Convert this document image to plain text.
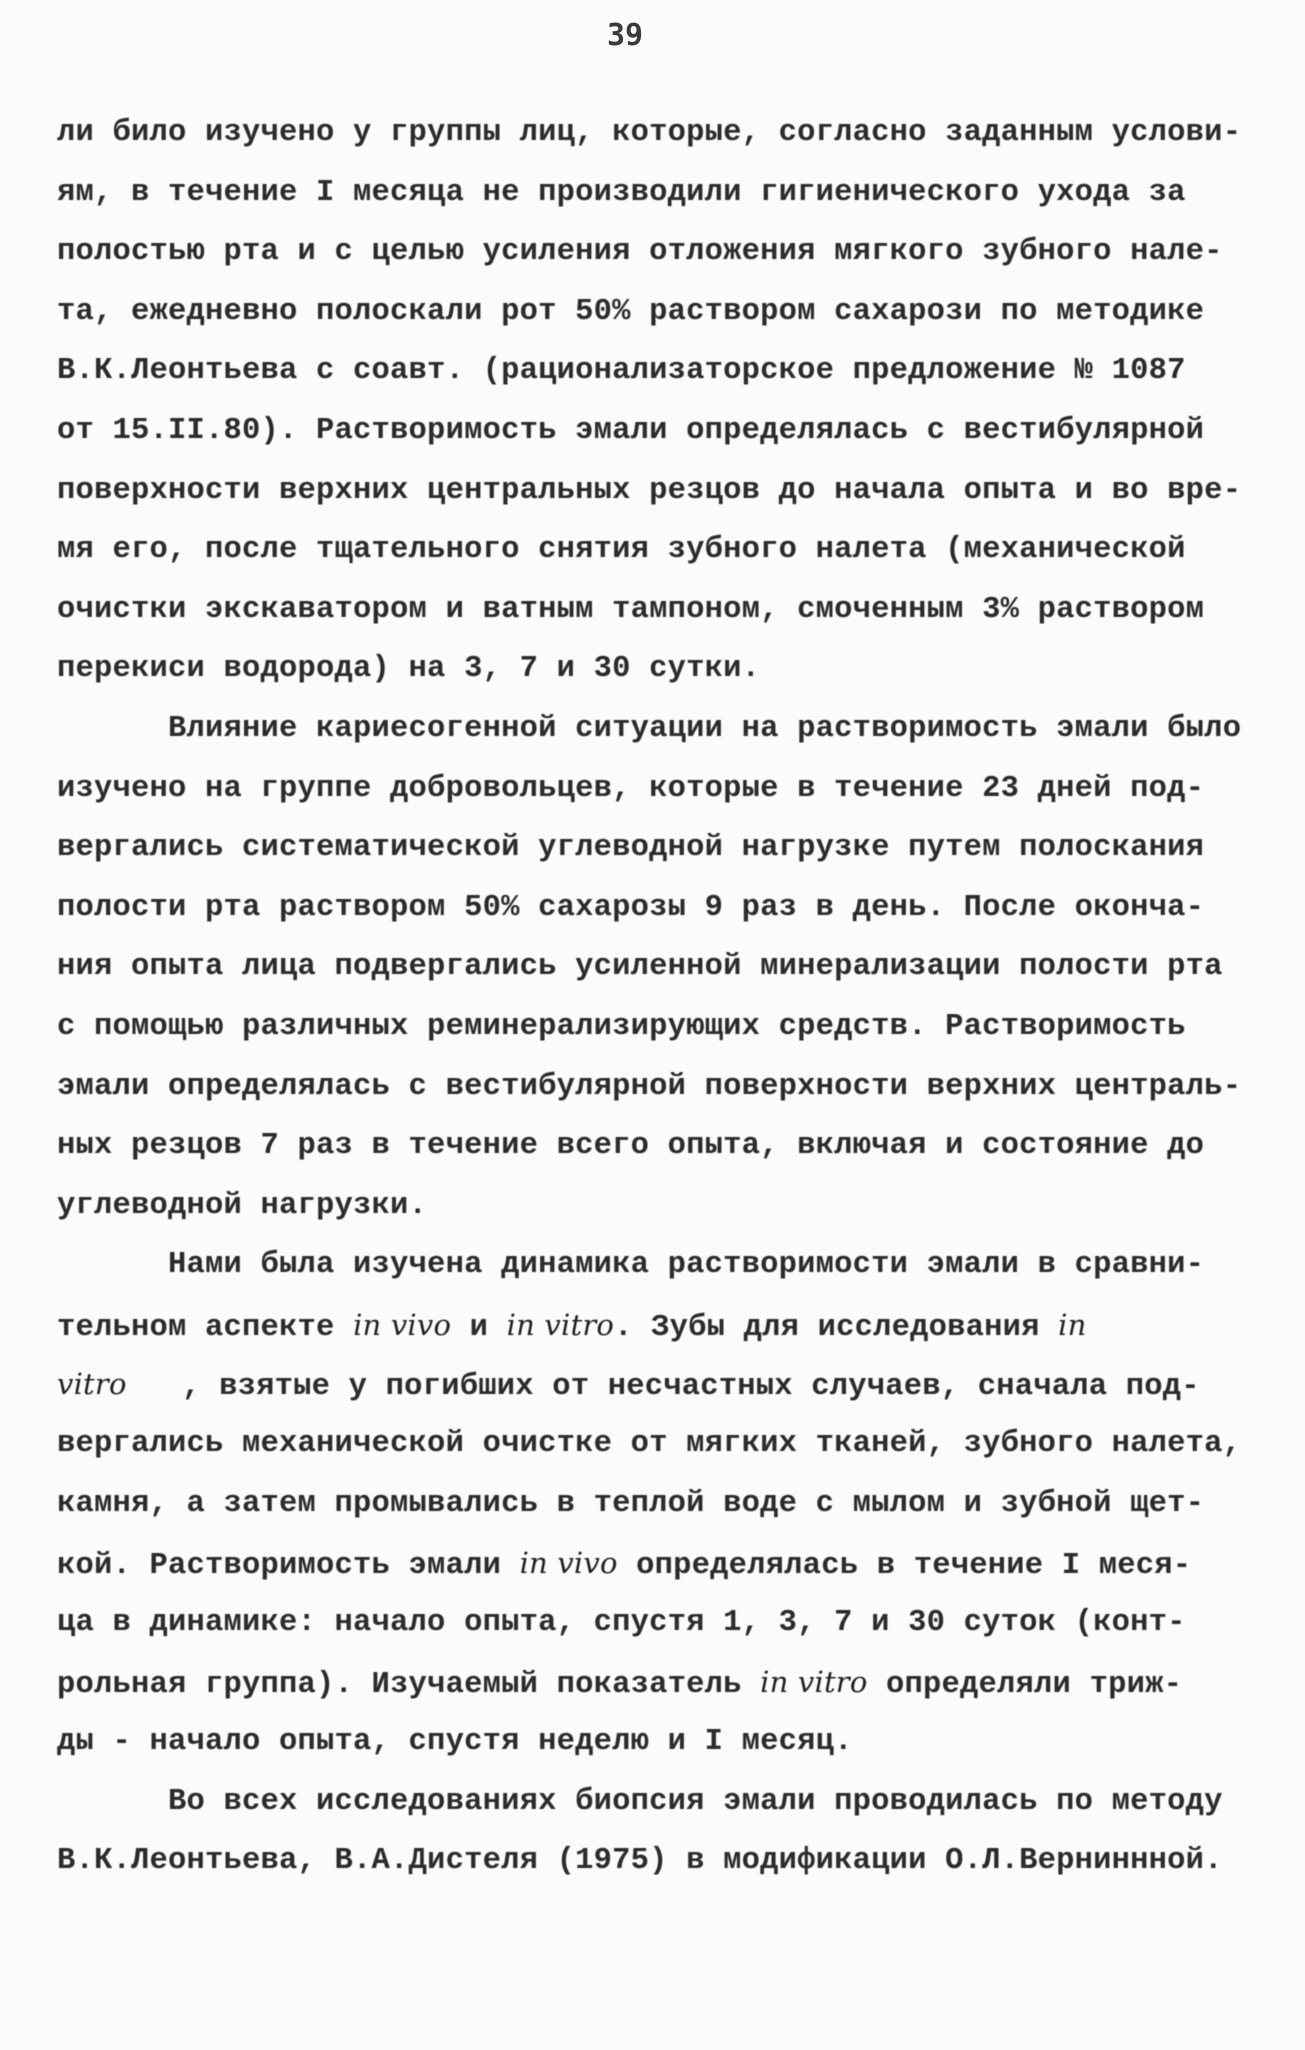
39
ли било изучено у группы лиц, которые, согласно заданным услови-
ям, в течение I месяца не производили гигиенического ухода за
полостью рта и с целью усиления отложения мягкого зубного нале-
та, ежедневно полоскали рот 50% раствором сахарози по методике
В.К.Леонтьева с соавт. (рационализаторское предложение № 1087
от 15.II.80). Растворимость эмали определялась с вестибулярной
поверхности верхних центральных резцов до начала опыта и во вре-
мя его, после тщательного снятия зубного налета (механической
очистки экскаватором и ватным тампоном, смоченным 3% раствором
перекиси водорода) на 3, 7 и 30 сутки.
Влияние кариесогенной ситуации на растворимость эмали было
изучено на группе добровольцев, которые в течение 23 дней под-
вергались систематической углеводной нагрузке путем полоскания
полости рта раствором 50% сахарозы 9 раз в день. После оконча-
ния опыта лица подвергались усиленной минерализации полости рта
с помощью различных реминерализирующих средств. Растворимость
эмали определялась с вестибулярной поверхности верхних централь-
ных резцов 7 раз в течение всего опыта, включая и состояние до
углеводной нагрузки.
Нами была изучена динамика растворимости эмали в сравни-
тельном аспекте in vivo и in vitro. Зубы для исследования in
vitro   , взятые у погибших от несчастных случаев, сначала под-
вергались механической очистке от мягких тканей, зубного налета,
камня, а затем промывались в теплой воде с мылом и зубной щет-
кой. Растворимость эмали in vivo определялась в течение I меся-
ца в динамике: начало опыта, спустя 1, 3, 7 и 30 суток (конт-
рольная группа). Изучаемый показатель in vitro определяли триж-
ды - начало опыта, спустя неделю и I месяц.
Во всех исследованиях биопсия эмали проводилась по методу
В.К.Леонтьева, В.А.Дистеля (1975) в модификации О.Л.Верниннной.
